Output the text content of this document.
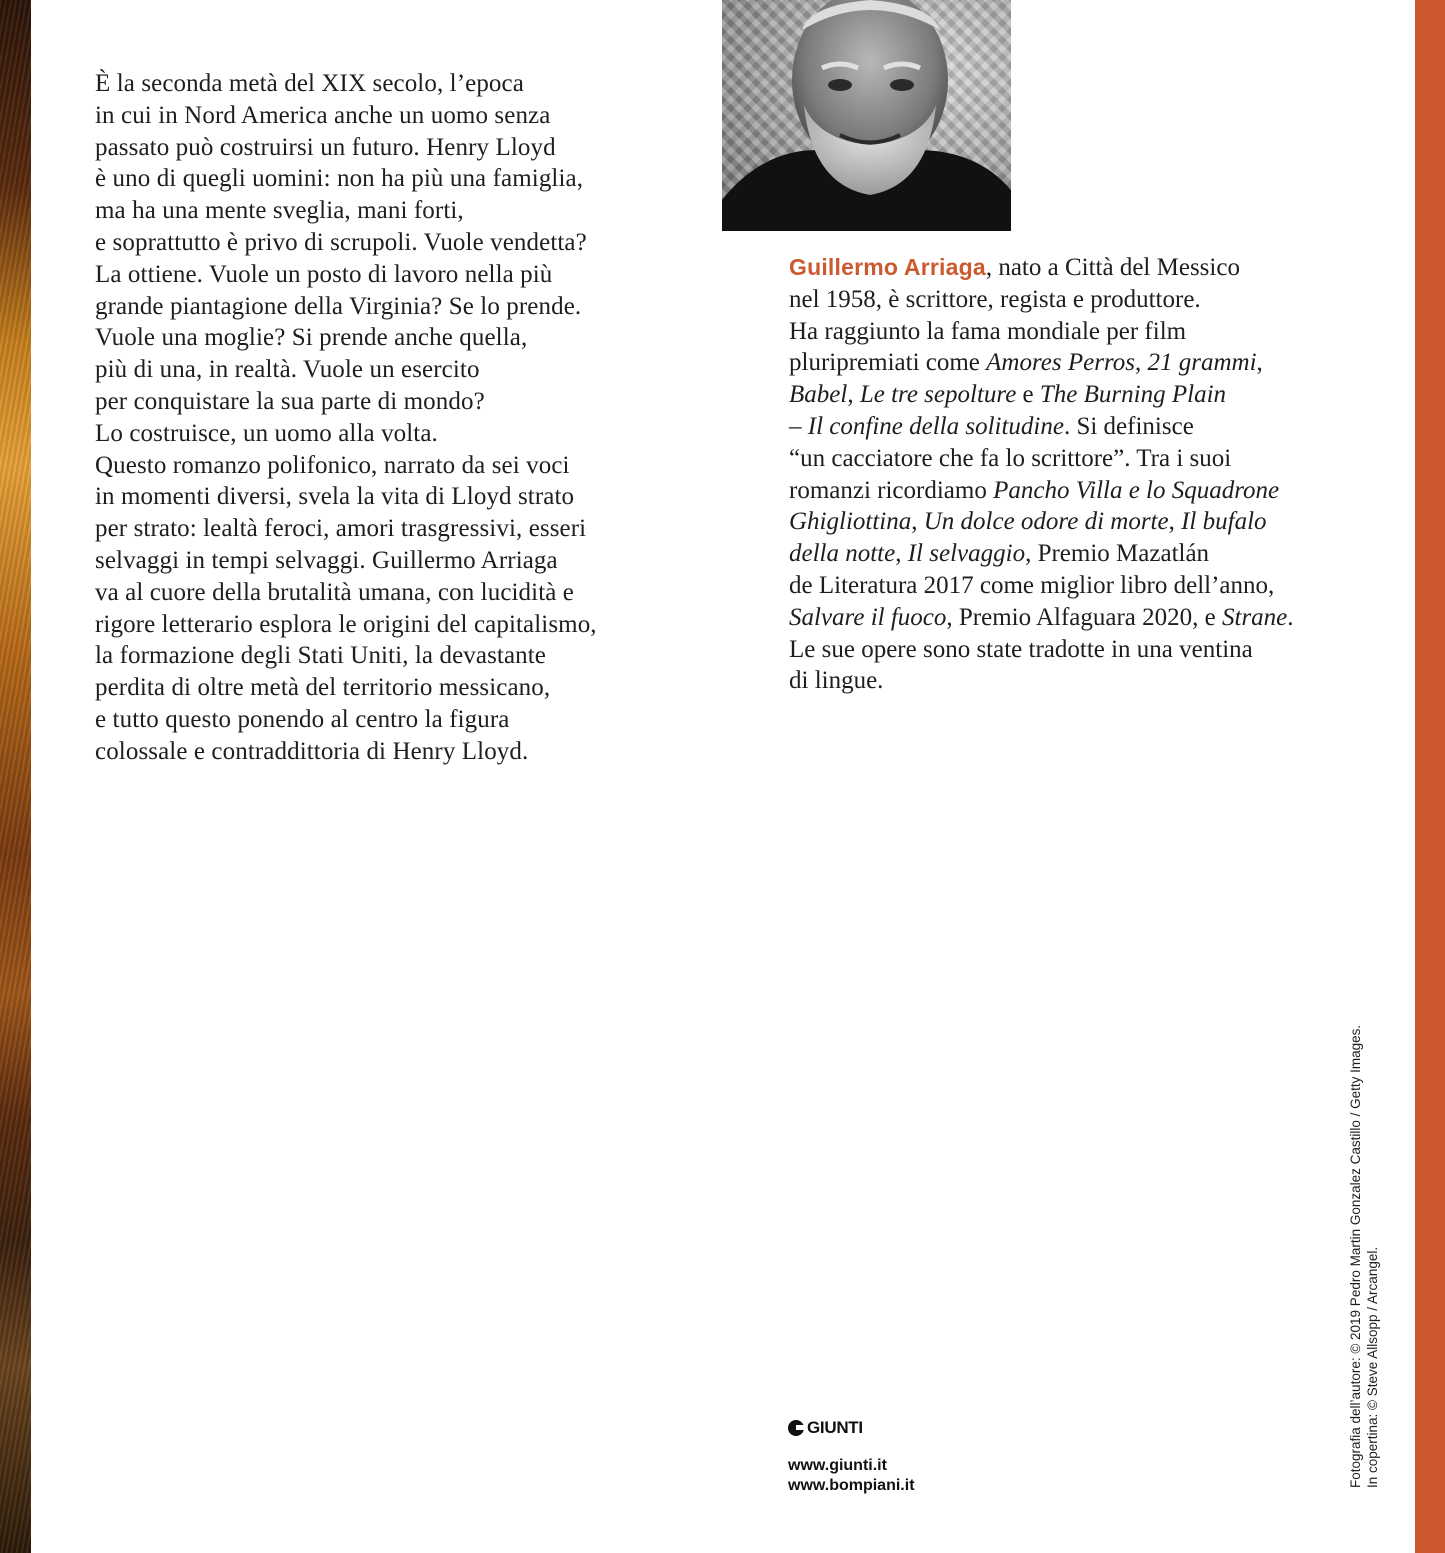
È la seconda metà del XIX secolo, l’epoca
in cui in Nord America anche un uomo senza
passato può costruirsi un futuro. Henry Lloyd
è uno di quegli uomini: non ha più una famiglia,
ma ha una mente sveglia, mani forti,
e soprattutto è privo di scrupoli. Vuole vendetta?
La ottiene. Vuole un posto di lavoro nella più
grande piantagione della Virginia? Se lo prende.
Vuole una moglie? Si prende anche quella,
più di una, in realtà. Vuole un esercito
per conquistare la sua parte di mondo?
Lo costruisce, un uomo alla volta.
Questo romanzo polifonico, narrato da sei voci
in momenti diversi, svela la vita di Lloyd strato
per strato: lealtà feroci, amori trasgressivi, esseri
selvaggi in tempi selvaggi. Guillermo Arriaga
va al cuore della brutalità umana, con lucidità e
rigore letterario esplora le origini del capitalismo,
la formazione degli Stati Uniti, la devastante
perdita di oltre metà del territorio messicano,
e tutto questo ponendo al centro la figura
colossale e contraddittoria di Henry Lloyd.
Guillermo Arriaga, nato a Città del Messico
nel 1958, è scrittore, regista e produttore.
Ha raggiunto la fama mondiale per film
pluripremiati come Amores Perros, 21 grammi,
Babel, Le tre sepolture e The Burning Plain
– Il confine della solitudine. Si definisce
“un cacciatore che fa lo scrittore”. Tra i suoi
romanzi ricordiamo Pancho Villa e lo Squadrone
Ghigliottina, Un dolce odore di morte, Il bufalo
della notte, Il selvaggio, Premio Mazatlán
de Literatura 2017 come miglior libro dell’anno,
Salvare il fuoco, Premio Alfaguara 2020, e Strane.
Le sue opere sono state tradotte in una ventina
di lingue.
GIUNTI
www.giunti.it
www.bompiani.it	Fotografia dell’autore: © 2019 Pedro Martin Gonzalez Castillo / Getty Images. In copertina: © Steve Allsopp / Arcangel.
